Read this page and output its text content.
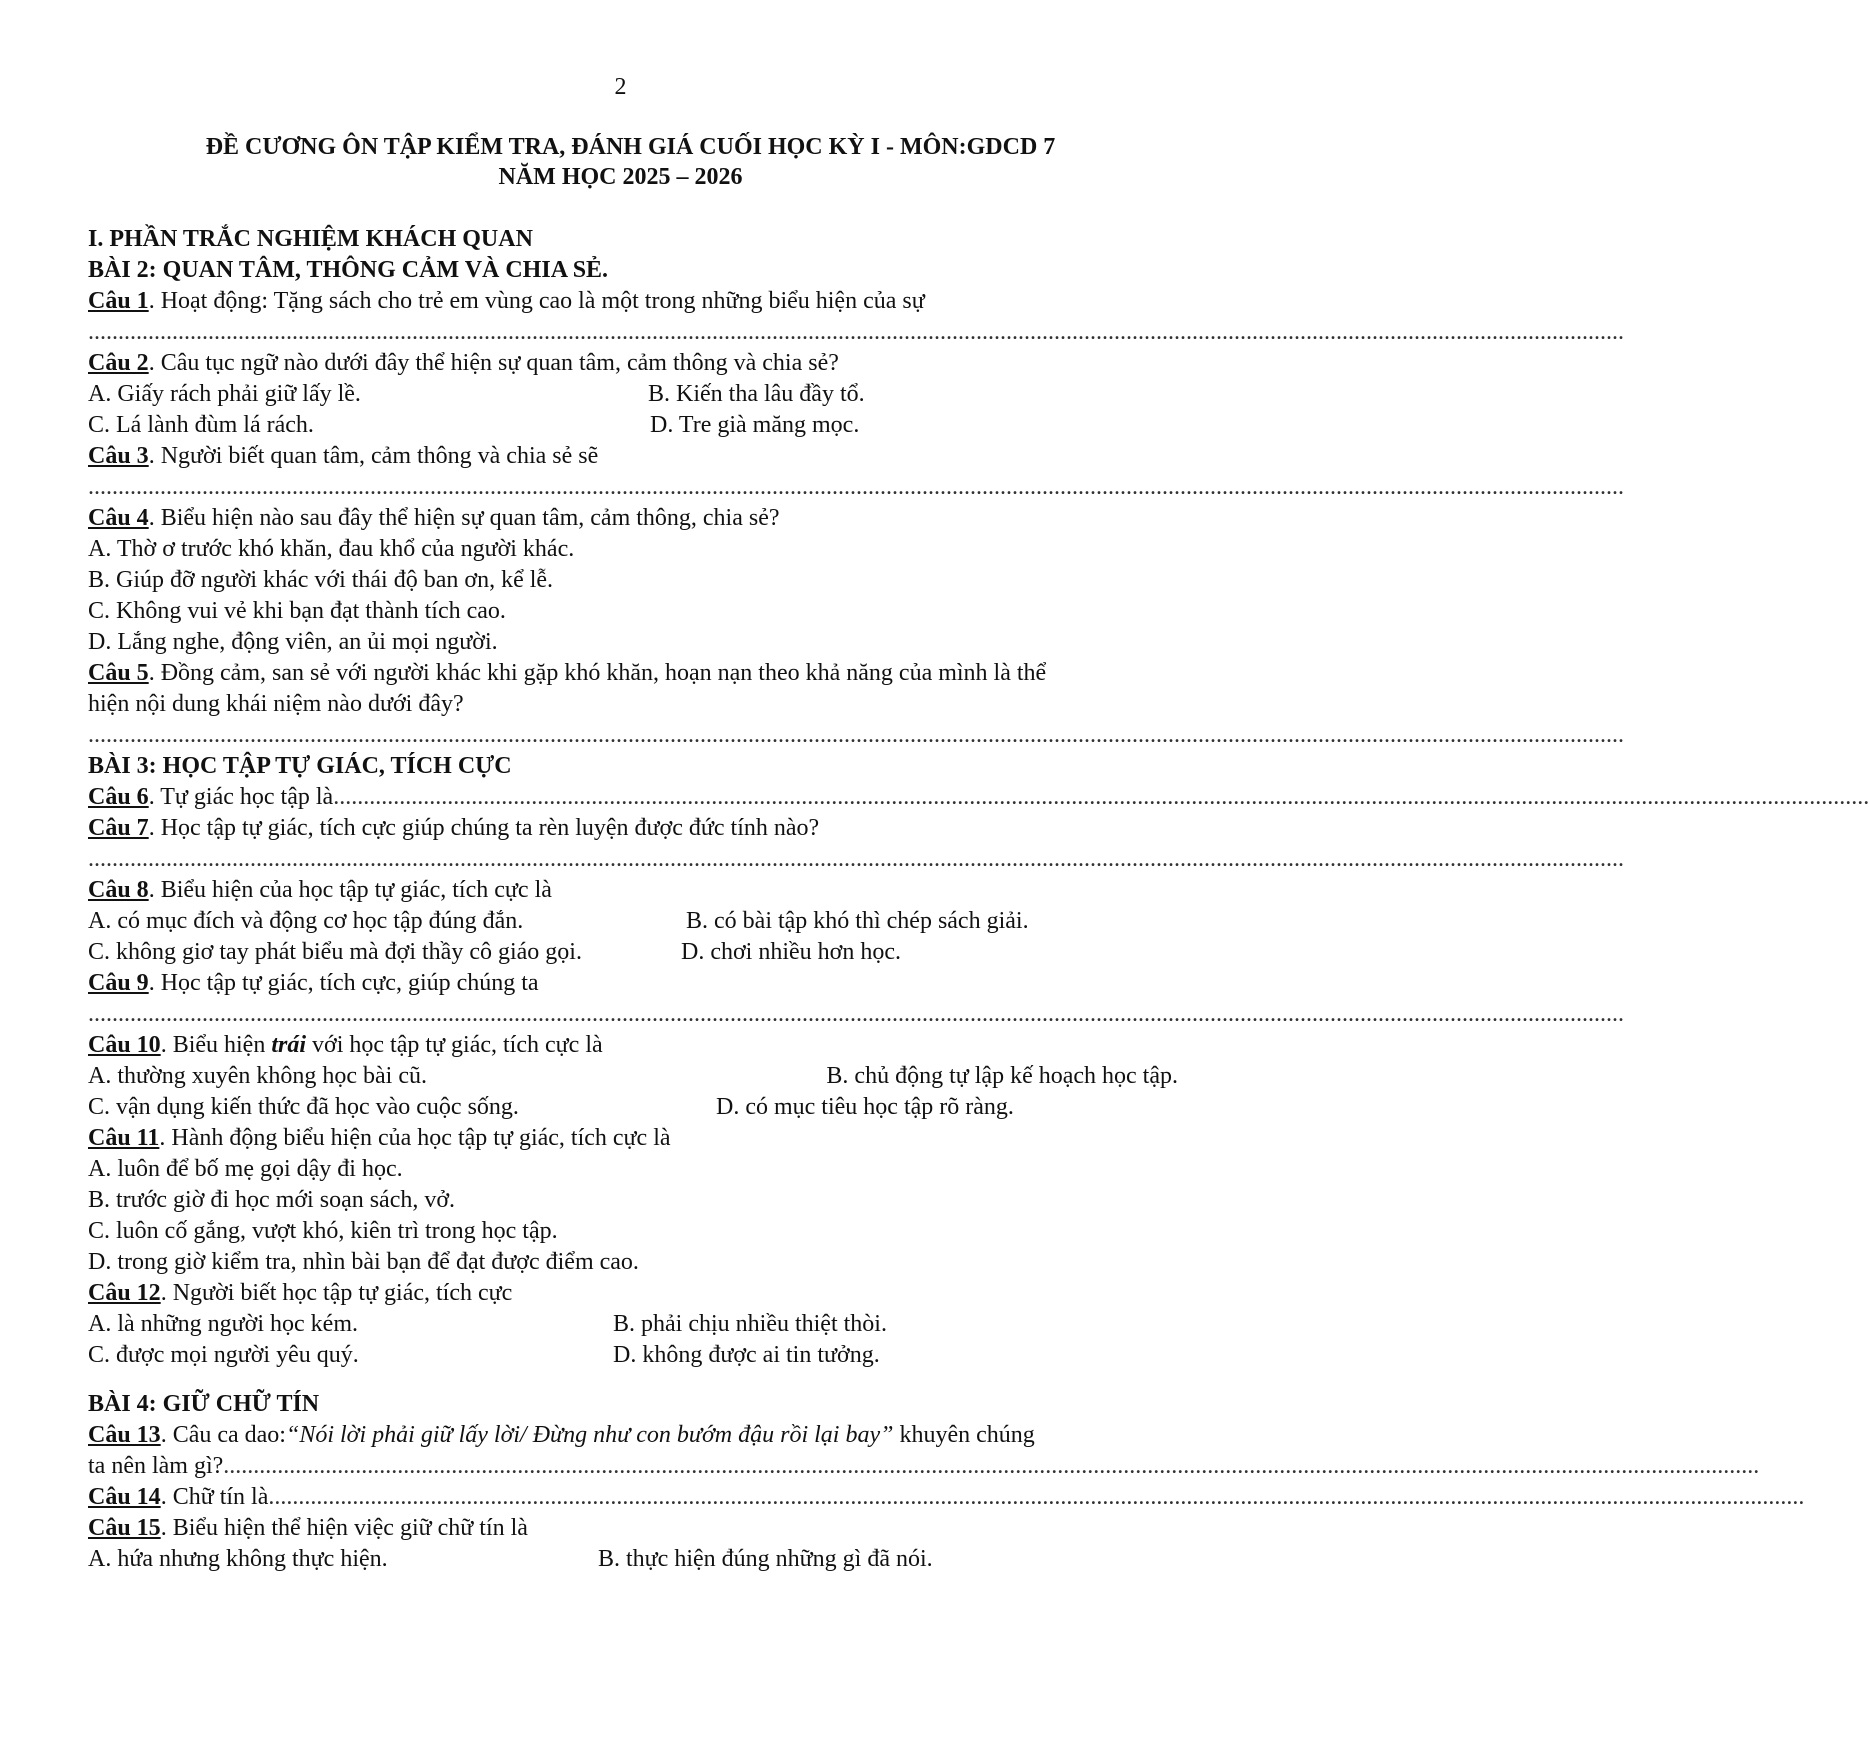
2
ĐỀ CƯƠNG ÔN TẬP KIỂM TRA, ĐÁNH GIÁ CUỐI HỌC KỲ I - MÔN:GDCD 7
NĂM HỌC 2025 – 2026
I. PHẦN TRẮC NGHIỆM KHÁCH QUAN
BÀI 2: QUAN TÂM, THÔNG CẢM VÀ CHIA SẺ.
Câu 1. Hoạt động: Tặng sách cho trẻ em vùng cao là một trong những biểu hiện của sự
................................................................................................................................................................................................................................................................
Câu 2. Câu tục ngữ nào dưới đây thể hiện sự quan tâm, cảm thông và chia sẻ?
A. Giấy rách phải giữ lấy lề.	B. Kiến tha lâu đầy tổ.
C. Lá lành đùm lá rách.	D. Tre già măng mọc.
Câu 3. Người biết quan tâm, cảm thông và chia sẻ sẽ
................................................................................................................................................................................................................................................................
Câu 4. Biểu hiện nào sau đây thể hiện sự quan tâm, cảm thông, chia sẻ?
A. Thờ ơ trước khó khăn, đau khổ của người khác.
B. Giúp đỡ người khác với thái độ ban ơn, kể lễ.
C. Không vui vẻ khi bạn đạt thành tích cao.
D. Lắng nghe, động viên, an ủi mọi người.
Câu 5. Đồng cảm, san sẻ với người khác khi gặp khó khăn, hoạn nạn theo khả năng của mình là thể
hiện nội dung khái niệm nào dưới đây?
................................................................................................................................................................................................................................................................
BÀI 3: HỌC TẬP TỰ GIÁC, TÍCH CỰC
Câu 6 . Tự giác học tập là ................................................................................................................................................................................................................................................................
Câu 7. Học tập tự giác, tích cực giúp chúng ta rèn luyện được đức tính nào?
................................................................................................................................................................................................................................................................
Câu 8. Biểu hiện của học tập tự giác, tích cực là
A. có mục đích và động cơ học tập đúng đắn.	B. có bài tập khó thì chép sách giải.
C. không giơ tay phát biểu mà đợi thầy cô giáo gọi.	D. chơi nhiều hơn học.
Câu 9. Học tập tự giác, tích cực, giúp chúng ta
................................................................................................................................................................................................................................................................
Câu 10. Biểu hiện trái với học tập tự giác, tích cực là
A. thường xuyên không học bài cũ.	B. chủ động tự lập kế hoạch học tập.
C. vận dụng kiến thức đã học vào cuộc sống.	D. có mục tiêu học tập rõ ràng.
Câu 11. Hành động biểu hiện của học tập tự giác, tích cực là
A. luôn để bố mẹ gọi dậy đi học.
B. trước giờ đi học mới soạn sách, vở.
C. luôn cố gắng, vượt khó, kiên trì trong học tập.
D. trong giờ kiểm tra, nhìn bài bạn để đạt được điểm cao.
Câu 12. Người biết học tập tự giác, tích cực
A. là những người học kém.	B. phải chịu nhiều thiệt thòi.
C. được mọi người yêu quý.	D. không được ai tin tưởng.
BÀI 4: GIỮ CHỮ TÍN
Câu 13. Câu ca dao:“Nói lời phải giữ lấy lời/ Đừng như con bướm đậu rồi lại bay” khuyên chúng
ta nên làm gì? ................................................................................................................................................................................................................................................................
Câu 14 . Chữ tín là ................................................................................................................................................................................................................................................................
Câu 15. Biểu hiện thể hiện việc giữ chữ tín là
A. hứa nhưng không thực hiện.	B. thực hiện đúng những gì đã nói.
